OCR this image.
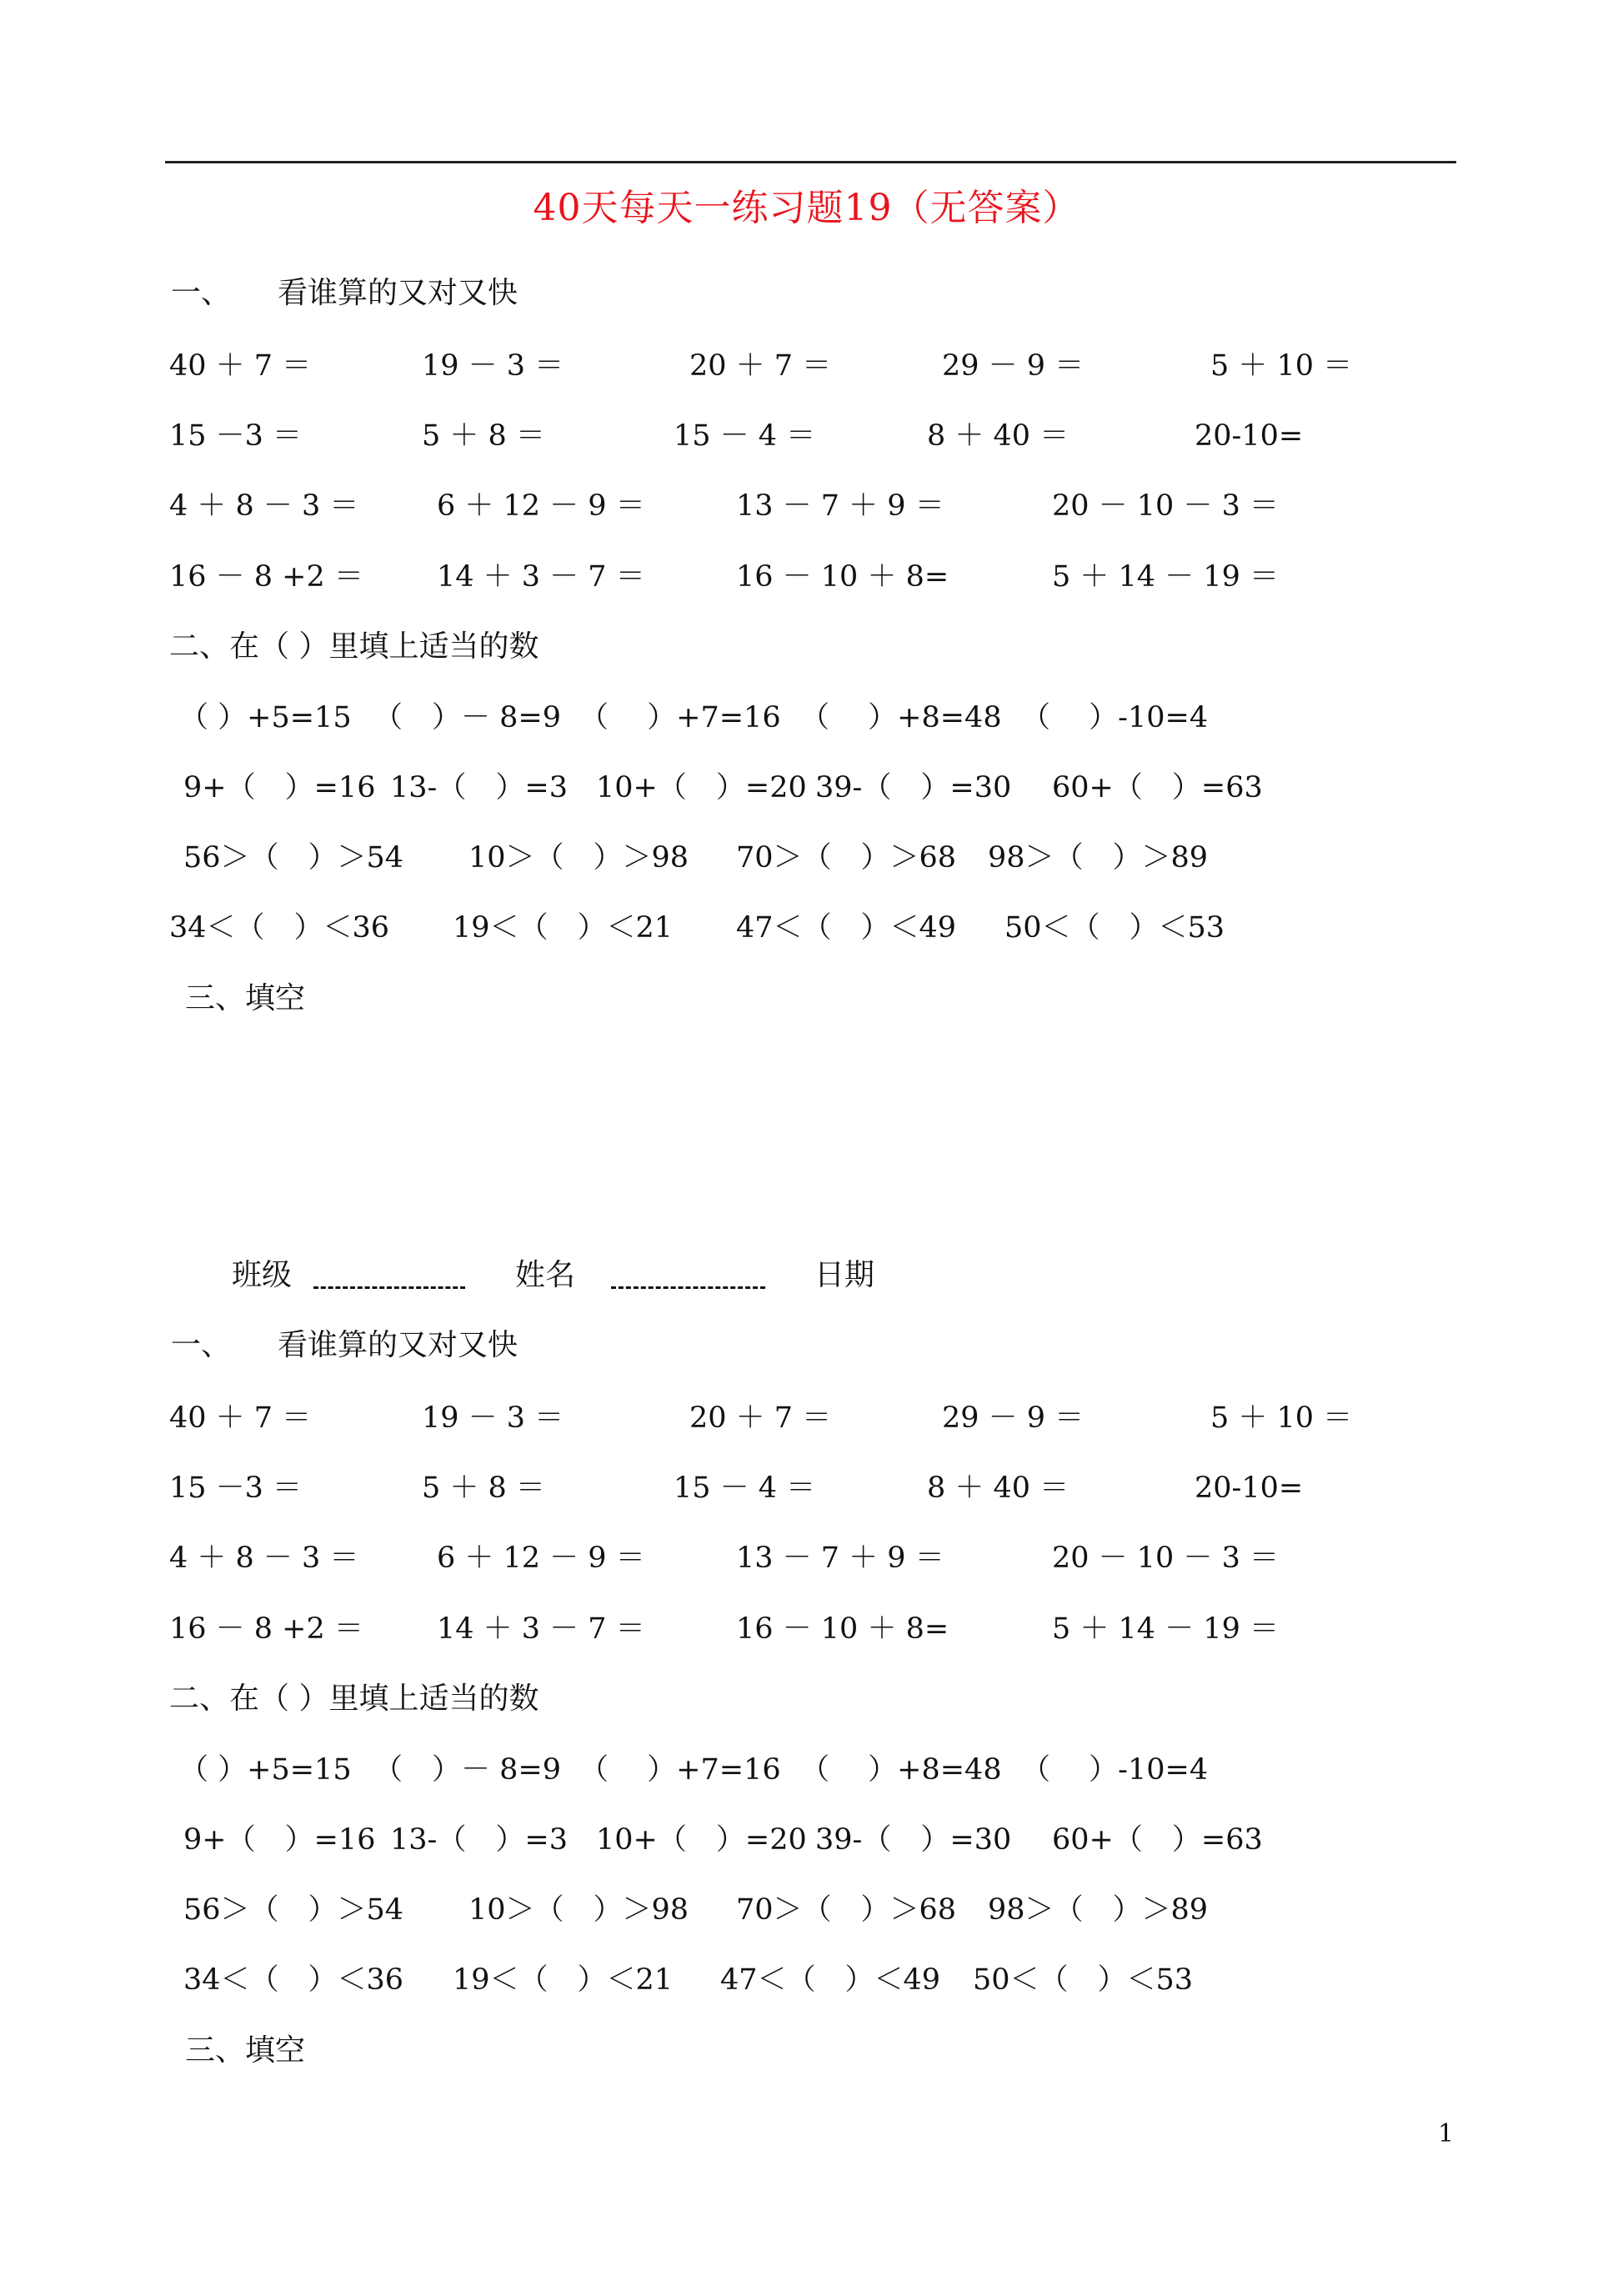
40天每天一练习题19（无答案）
一、 看谁算的又对又快
40 ＋ 7 ＝	19 － 3 ＝	20 ＋ 7 ＝	29 － 9 ＝	5 ＋ 10 ＝
15 －3 ＝	5 ＋ 8 ＝	15 － 4 ＝	8 ＋ 40 ＝	20-10=
4 ＋ 8 － 3 ＝	6 ＋ 12 － 9 ＝	13 － 7 ＋ 9 ＝	20 － 10 － 3 ＝
16 － 8 +2 ＝	14 ＋ 3 － 7 ＝	16 － 10 ＋ 8=	5 ＋ 14 － 19 ＝
二、在（ ）里填上适当的数
（ ）+5=15 （　）－ 8=9 （　 ）+7=16 （　 ）+8=48 （　 ）-10=4
9+（　）=16 13-（　）=3 10+（　）=20 39-（　）=30 60+（　）=63
56＞（　）＞54 10＞（　）＞98 70＞（　）＞68 98＞（　）＞89
34＜（　）＜36 19＜（　）＜21 47＜（　）＜49 50＜（　）＜53
三、填空
班级	姓名	日期
一、 看谁算的又对又快
40 ＋ 7 ＝	19 － 3 ＝	20 ＋ 7 ＝	29 － 9 ＝	5 ＋ 10 ＝
15 －3 ＝	5 ＋ 8 ＝	15 － 4 ＝	8 ＋ 40 ＝	20-10=
4 ＋ 8 － 3 ＝	6 ＋ 12 － 9 ＝	13 － 7 ＋ 9 ＝	20 － 10 － 3 ＝
16 － 8 +2 ＝	14 ＋ 3 － 7 ＝	16 － 10 ＋ 8=	5 ＋ 14 － 19 ＝
二、在（ ）里填上适当的数
（ ）+5=15 （　）－ 8=9 （　 ）+7=16 （　 ）+8=48 （　 ）-10=4
9+（　）=16 13-（　）=3 10+（　）=20 39-（　）=30 60+（　）=63
56＞（　）＞54 10＞（　）＞98 70＞（　）＞68 98＞（　）＞89
34＜（　）＜36 19＜（　）＜21 47＜（　）＜49 50＜（　）＜53
三、填空
1
